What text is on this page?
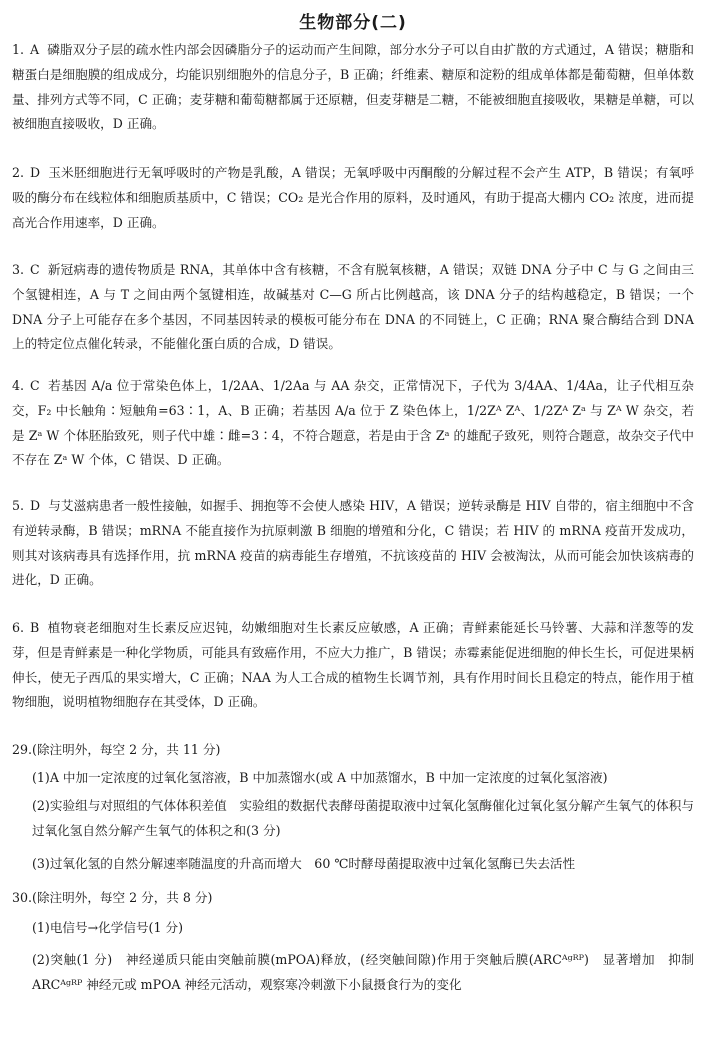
生物部分(二)

1. A 磷脂双分子层的疏水性内部会因磷脂分子的运动而产生间隙，部分水分子可以自由扩散的方式通过，A 错误；糖脂和糖蛋白是细胞膜的组成成分，均能识别细胞外的信息分子，B 正确；纤维素、糖原和淀粉的组成单体都是葡萄糖，但单体数量、排列方式等不同，C 正确；麦芽糖和葡萄糖都属于还原糖，但麦芽糖是二糖，不能被细胞直接吸收，果糖是单糖，可以被细胞直接吸收，D 正确。

2. D 玉米胚细胞进行无氧呼吸时的产物是乳酸，A 错误；无氧呼吸中丙酮酸的分解过程不会产生 ATP，B 错误；有氧呼吸的酶分布在线粒体和细胞质基质中，C 错误；CO₂ 是光合作用的原料，及时通风，有助于提高大棚内 CO₂ 浓度，进而提高光合作用速率，D 正确。

3. C 新冠病毒的遗传物质是 RNA，其单体中含有核糖，不含有脱氧核糖，A 错误；双链 DNA 分子中 C 与 G 之间由三个氢键相连，A 与 T 之间由两个氢键相连，故碱基对 C—G 所占比例越高，该 DNA 分子的结构越稳定，B 错误；一个 DNA 分子上可能存在多个基因，不同基因转录的模板可能分布在 DNA 的不同链上，C 正确；RNA 聚合酶结合到 DNA 上的特定位点催化转录，不能催化蛋白质的合成，D 错误。

4. C 若基因 A/a 位于常染色体上，1/2AA、1/2Aa 与 AA 杂交，正常情况下，子代为 3/4AA、1/4Aa，让子代相互杂交，F₂ 中长触角∶短触角=63∶1，A、B 正确；若基因 A/a 位于 Z 染色体上，1/2Zᴬ Zᴬ、1/2Zᴬ Zᵃ 与 Zᴬ W 杂交，若是 Zᵃ W 个体胚胎致死，则子代中雄∶雌=3∶4，不符合题意，若是由于含 Zᵃ 的雄配子致死，则符合题意，故杂交子代中不存在 Zᵃ W 个体，C 错误、D 正确。

5. D 与艾滋病患者一般性接触，如握手、拥抱等不会使人感染 HIV，A 错误；逆转录酶是 HIV 自带的，宿主细胞中不含有逆转录酶，B 错误；mRNA 不能直接作为抗原刺激 B 细胞的增殖和分化，C 错误；若 HIV 的 mRNA 疫苗开发成功，则其对该病毒具有选择作用，抗 mRNA 疫苗的病毒能生存增殖，不抗该疫苗的 HIV 会被淘汰，从而可能会加快该病毒的进化，D 正确。

6. B 植物衰老细胞对生长素反应迟钝，幼嫩细胞对生长素反应敏感，A 正确；青鲜素能延长马铃薯、大蒜和洋葱等的发芽，但是青鲜素是一种化学物质，可能具有致癌作用，不应大力推广，B 错误；赤霉素能促进细胞的伸长生长，可促进果柄伸长，使无子西瓜的果实增大，C 正确；NAA 为人工合成的植物生长调节剂，具有作用时间长且稳定的特点，能作用于植物细胞，说明植物细胞存在其受体，D 正确。

29.(除注明外，每空 2 分，共 11 分)

(1)A 中加一定浓度的过氧化氢溶液，B 中加蒸馏水(或 A 中加蒸馏水，B 中加一定浓度的过氧化氢溶液)

(2)实验组与对照组的气体体积差值　实验组的数据代表酵母菌提取液中过氧化氢酶催化过氧化氢分解产生氧气的体积与过氧化氢自然分解产生氧气的体积之和(3 分)

(3)过氧化氢的自然分解速率随温度的升高而增大　60 ℃时酵母菌提取液中过氧化氢酶已失去活性

30.(除注明外，每空 2 分，共 8 分)

(1)电信号→化学信号(1 分)

(2)突触(1 分)　神经递质只能由突触前膜(mPOA)释放，(经突触间隙)作用于突触后膜(ARCᴬᵍᴿᴾ)　显著增加　抑制 ARCᴬᵍᴿᴾ 神经元或 mPOA 神经元活动，观察寒冷刺激下小鼠摄食行为的变化
